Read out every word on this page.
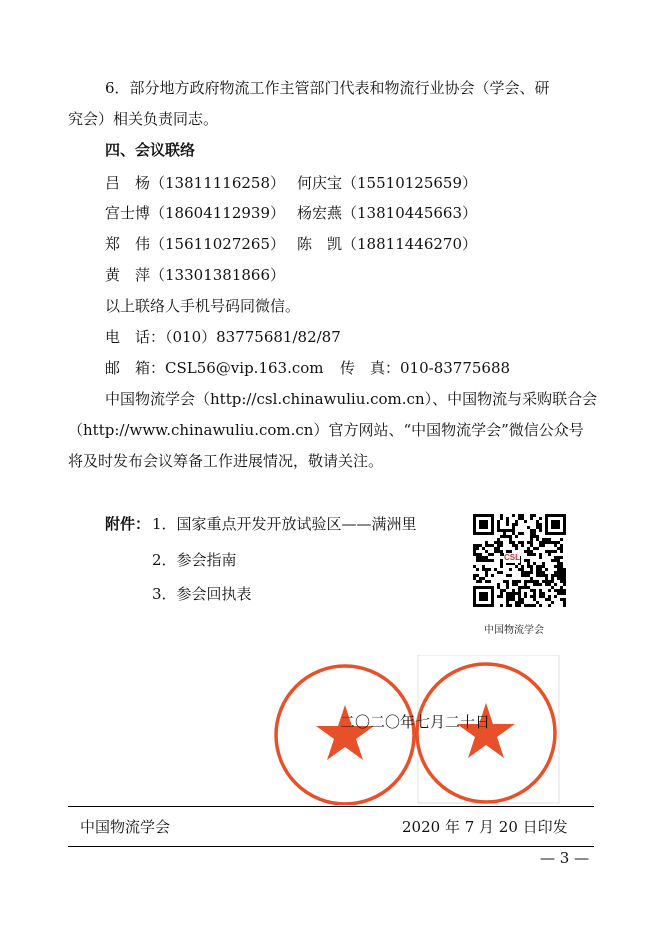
6．部分地方政府物流工作主管部门代表和物流行业协会（学会、研
究会）相关负责同志。
四、会议联络
吕　杨（13811116258） 何庆宝（15510125659）
宫士博（18604112939） 杨宏燕（13810445663）
郑　伟（15611027265） 陈　凯（18811446270）
黄　萍（13301381866）
以上联络人手机号码同微信。
电　话：（010）83775681/82/87
邮　箱：CSL56@vip.163.com 传　真：010-83775688
中国物流学会（http://csl.chinawuliu.com.cn）、中国物流与采购联合会
（http://www.chinawuliu.com.cn）官方网站、“中国物流学会”微信公众号
将及时发布会议筹备工作进展情况，敬请关注。
附件： 1．国家重点开发开放试验区——满洲里
2．参会指南
3．参会回执表
CSL
中国物流学会
二〇二〇年七月二十日
中国物流学会	2020 年 7 月 20 日印发
— 3 —
